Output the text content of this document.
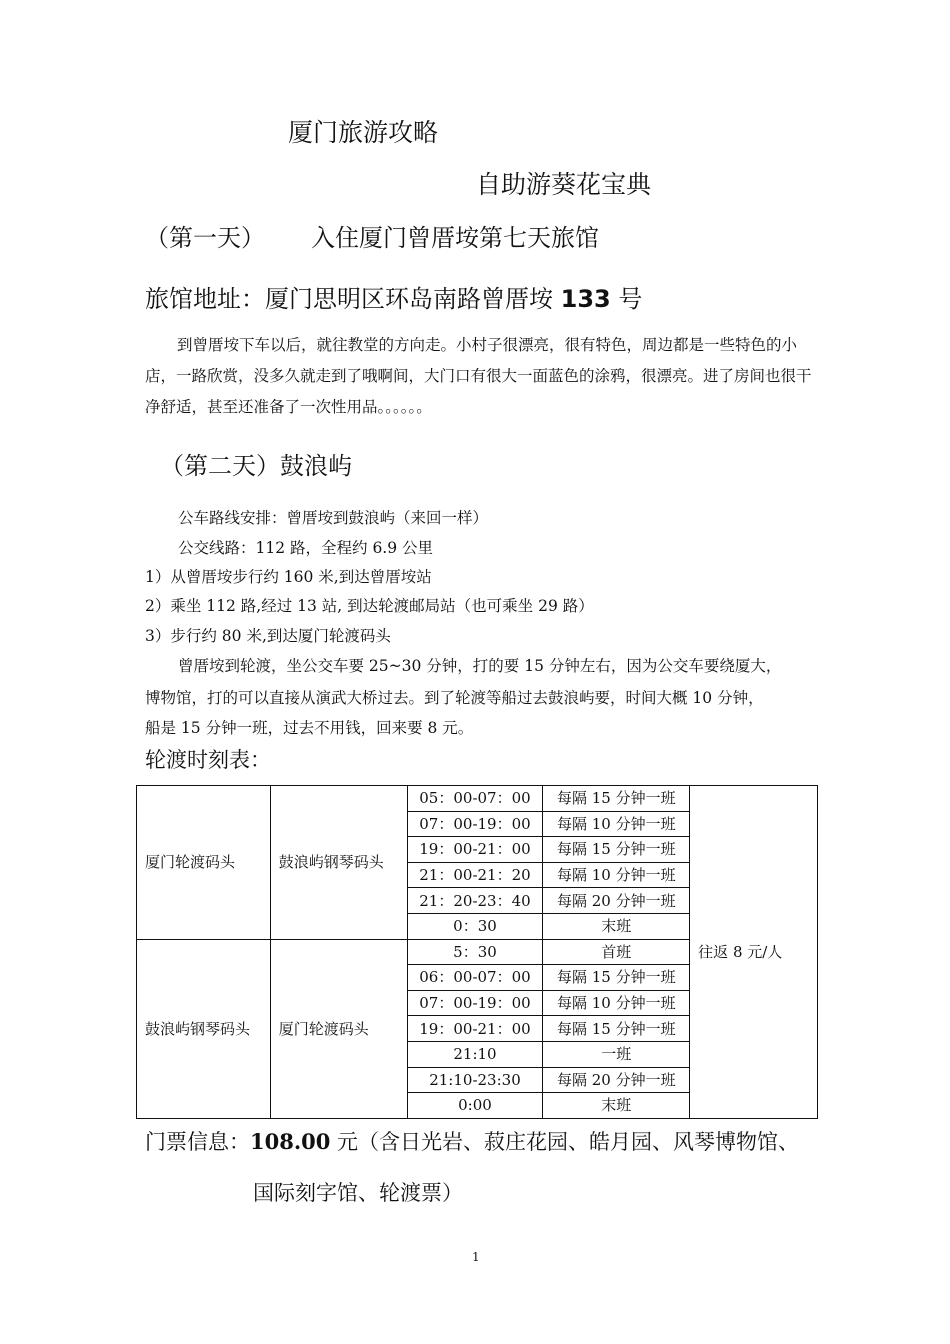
厦门旅游攻略
自助游葵花宝典
（第一天） 入住厦门曾厝垵第七天旅馆
旅馆地址：厦门思明区环岛南路曾厝垵 133 号
到曾厝垵下车以后，就往教堂的方向走。小村子很漂亮，很有特色，周边都是一些特色的小店，一路欣赏，没多久就走到了哦啊间，大门口有很大一面蓝色的涂鸦，很漂亮。进了房间也很干净舒适，甚至还准备了一次性用品。。。。。。
（第二天）鼓浪屿
公车路线安排：曾厝垵到鼓浪屿（来回一样）
公交线路：112 路，全程约 6.9 公里
1）从曾厝垵步行约 160 米,到达曾厝垵站
2）乘坐 112 路,经过 13 站, 到达轮渡邮局站（也可乘坐 29 路）
3）步行约 80 米,到达厦门轮渡码头
曾厝垵到轮渡，坐公交车要 25~30 分钟，打的要 15 分钟左右，因为公交车要绕厦大，
博物馆，打的可以直接从演武大桥过去。到了轮渡等船过去鼓浪屿要，时间大概 10 分钟，
船是 15 分钟一班，过去不用钱，回来要 8 元。
轮渡时刻表：
厦门轮渡码头	鼓浪屿钢琴码头	05：00-07：00	每隔 15 分钟一班	往返 8 元/人
		07：00-19：00	每隔 10 分钟一班	
		19：00-21：00	每隔 15 分钟一班	
		21：00-21：20	每隔 10 分钟一班	
		21：20-23：40	每隔 20 分钟一班	
		0：30	末班	
鼓浪屿钢琴码头	厦门轮渡码头	5：30	首班	
		06：00-07：00	每隔 15 分钟一班	
		07：00-19：00	每隔 10 分钟一班	
		19：00-21：00	每隔 15 分钟一班	
		21:10	一班	
		21:10-23:30	每隔 20 分钟一班	
		0:00	末班	
门票信息：108.00 元（含日光岩、菽庄花园、皓月园、风琴博物馆、
国际刻字馆、轮渡票）
1
